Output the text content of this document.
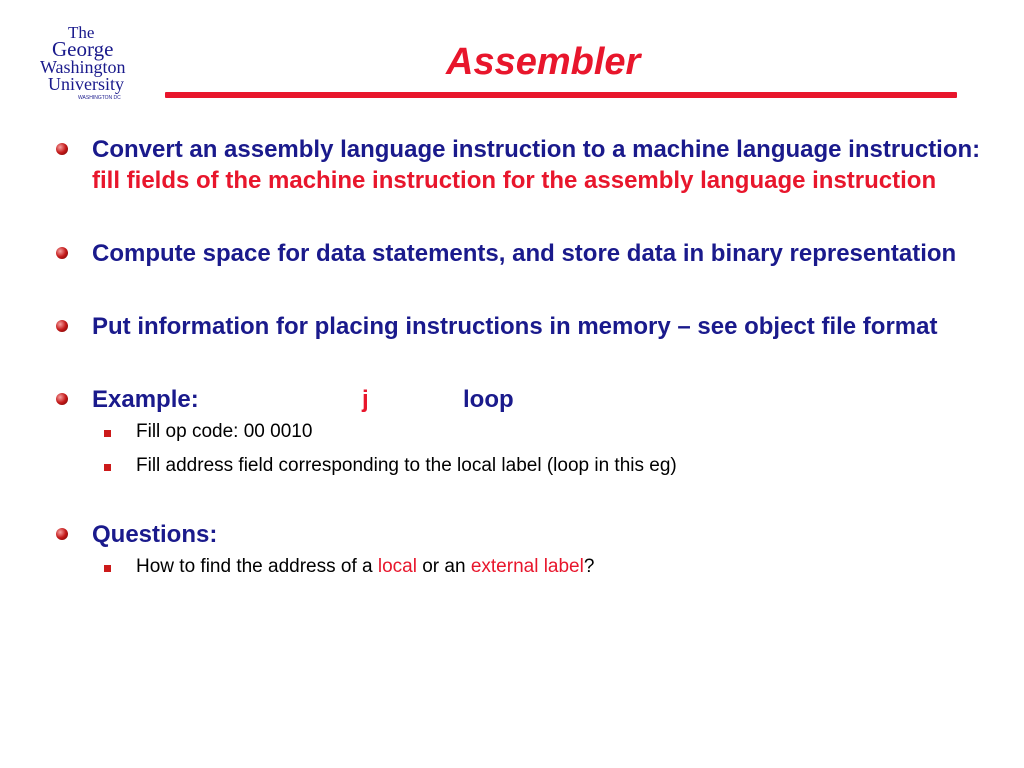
The
George
Washington
University
WASHINGTON DC
Assembler
Convert an assembly language instruction to a machine language instruction: fill fields of the machine instruction for the assembly language instruction
Compute space for data statements, and store data in binary representation
Put information for placing instructions in memory – see object file format
Example:	j	loop
Fill op code: 00 0010
Fill address field corresponding to the local label (loop in this eg)
Questions:
How to find the address of a local or an external label?
